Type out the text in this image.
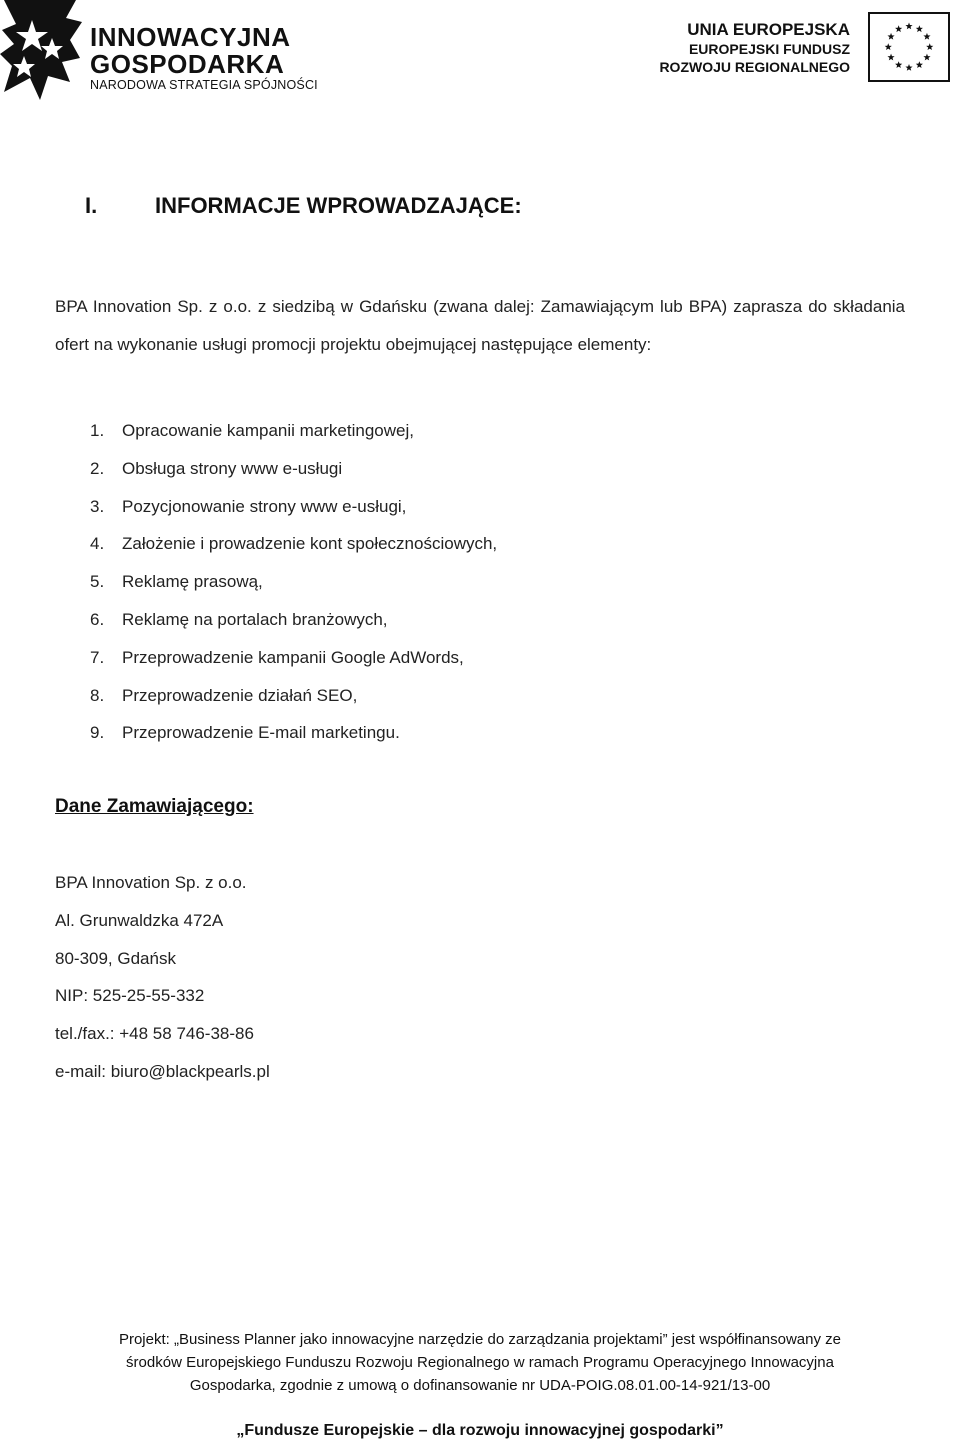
INNOWACYJNA
GOSPODARKA
NARODOWA STRATEGIA SPÓJNOŚCI
UNIA EUROPEJSKA
EUROPEJSKI FUNDUSZ
ROZWOJU REGIONALNEGO
I.	INFORMACJE WPROWADZAJĄCE:
BPA Innovation Sp. z o.o. z siedzibą w Gdańsku (zwana dalej: Zamawiającym lub BPA) zaprasza do składania ofert na wykonanie usługi promocji projektu obejmującej następujące elementy:
1. Opracowanie kampanii marketingowej,
2. Obsługa strony www e-usługi
3. Pozycjonowanie strony www e-usługi,
4. Założenie i prowadzenie kont społecznościowych,
5. Reklamę prasową,
6. Reklamę na portalach branżowych,
7. Przeprowadzenie kampanii Google AdWords,
8. Przeprowadzenie działań SEO,
9. Przeprowadzenie E-mail marketingu.
Dane Zamawiającego:
BPA Innovation Sp. z o.o.
Al. Grunwaldzka 472A
80-309, Gdańsk
NIP: 525-25-55-332
tel./fax.: +48 58 746-38-86
e-mail: biuro@blackpearls.pl

Projekt: „Business Planner jako innowacyjne narzędzie do zarządzania projektami” jest współfinansowany ze

środków Europejskiego Funduszu Rozwoju Regionalnego w ramach Programu Operacyjnego Innowacyjna

Gospodarka, zgodnie z umową o dofinansowanie nr UDA-POIG.08.01.00-14-921/13-00

„Fundusze Europejskie – dla rozwoju innowacyjnej gospodarki”
